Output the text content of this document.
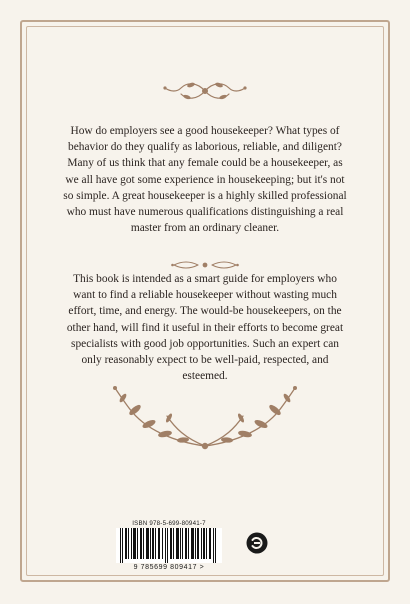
How do employers see a good housekeeper? What types of behavior do they qualify as laborious, reliable, and diligent? Many of us think that any female could be a housekeeper, as we all have got some experience in housekeeping; but it's not so simple. A great housekeeper is a highly skilled professional who must have numerous qualifications distinguishing a real master from an ordinary cleaner.

This book is intended as a smart guide for employers who want to find a reliable housekeeper without wasting much effort, time, and energy. The would-be housekeepers, on the other hand, will find it useful in their efforts to become great specialists with good job opportunities. Such an expert can only reasonably expect to be well-paid, respected, and esteemed.

ISBN 978-5-699-80941-7
9 785699 809417 >
